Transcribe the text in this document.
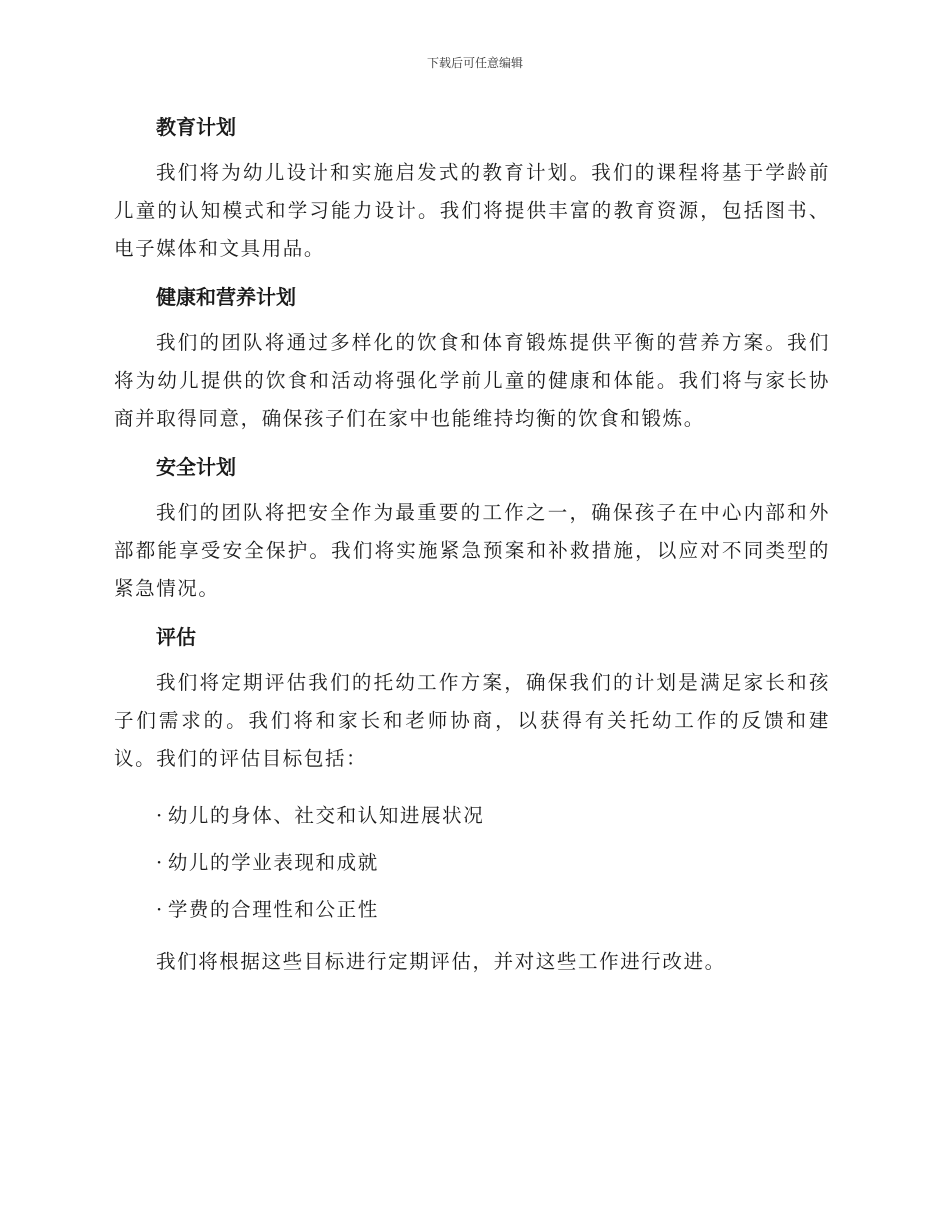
下载后可任意编辑
教育计划

我们将为幼儿设计和实施启发式的教育计划。我们的课程将基于学龄前儿童的认知模式和学习能力设计。我们将提供丰富的教育资源，包括图书、电子媒体和文具用品。

健康和营养计划

我们的团队将通过多样化的饮食和体育锻炼提供平衡的营养方案。我们将为幼儿提供的饮食和活动将强化学前儿童的健康和体能。我们将与家长协商并取得同意，确保孩子们在家中也能维持均衡的饮食和锻炼。

安全计划

我们的团队将把安全作为最重要的工作之一，确保孩子在中心内部和外部都能享受安全保护。我们将实施紧急预案和补救措施，以应对不同类型的紧急情况。

评估

我们将定期评估我们的托幼工作方案，确保我们的计划是满足家长和孩子们需求的。我们将和家长和老师协商，以获得有关托幼工作的反馈和建议。我们的评估目标包括：

· 幼儿的身体、社交和认知进展状况

· 幼儿的学业表现和成就

· 学费的合理性和公正性

我们将根据这些目标进行定期评估，并对这些工作进行改进。
